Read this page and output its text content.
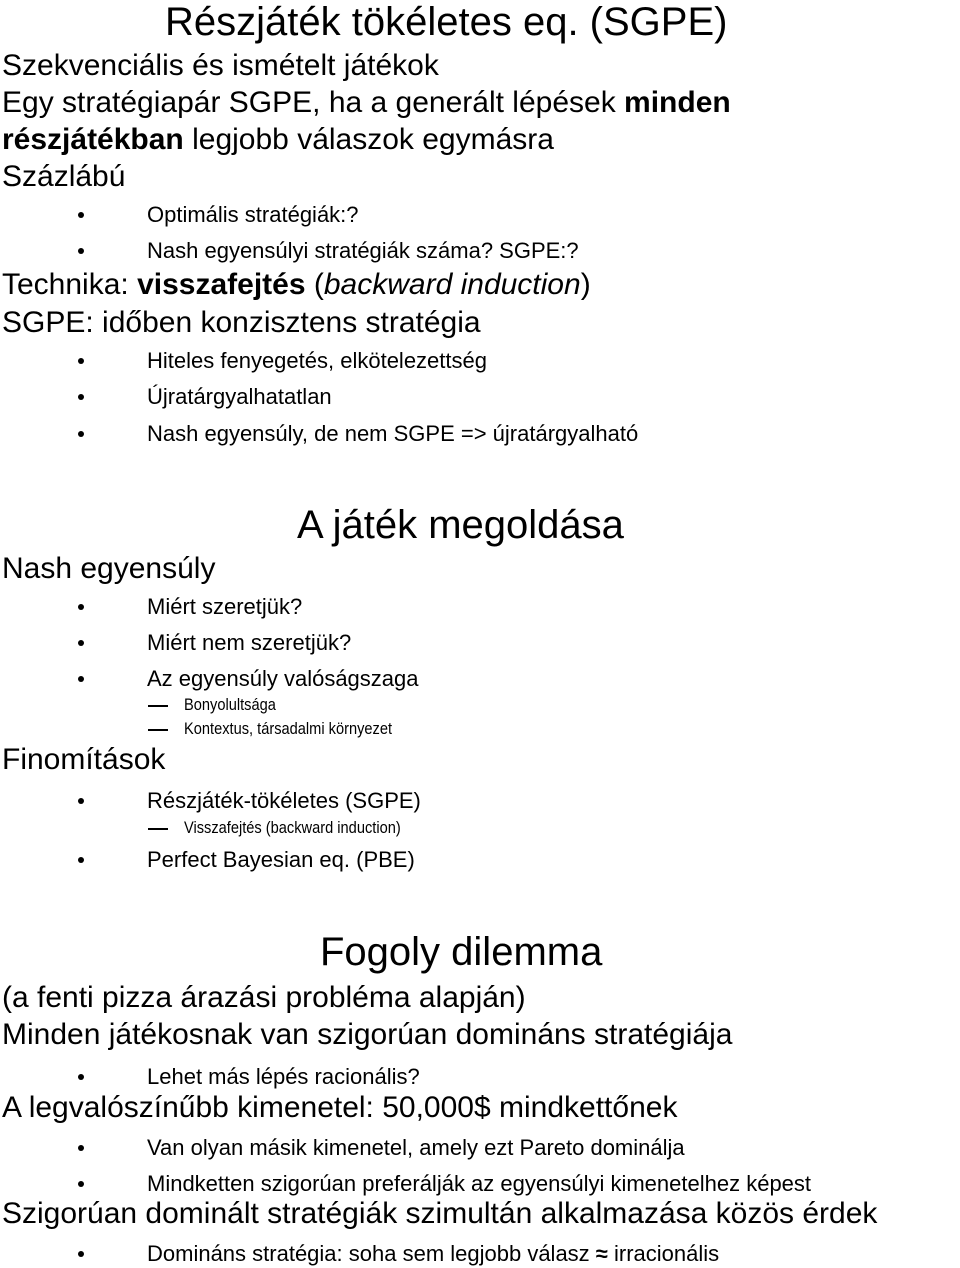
Részjáték tökéletes eq. (SGPE)
Szekvenciális és ismételt játékok
Egy stratégiapár SGPE, ha a generált lépések minden
részjátékban legjobb válaszok egymásra
Százlábú
Optimális stratégiák:?
Nash egyensúlyi stratégiák száma? SGPE:?
Technika: visszafejtés (backward induction)
SGPE: időben konzisztens stratégia
Hiteles fenyegetés, elkötelezettség
Újratárgyalhatatlan
Nash egyensúly, de nem SGPE => újratárgyalható
A játék megoldása
Nash egyensúly
Miért szeretjük?
Miért nem szeretjük?
Az egyensúly valóságszaga
Bonyolultsága
Kontextus, társadalmi környezet
Finomítások
Részjáték-tökéletes (SGPE)
Visszafejtés (backward induction)
Perfect Bayesian eq. (PBE)
Fogoly dilemma
(a fenti pizza árazási probléma alapján)
Minden játékosnak van szigorúan domináns stratégiája
Lehet más lépés racionális?
A legvalószínűbb kimenetel: 50,000$ mindkettőnek
Van olyan másik kimenetel, amely ezt Pareto dominálja
Mindketten szigorúan preferálják az egyensúlyi kimenetelhez képest
Szigorúan dominált stratégiák szimultán alkalmazása közös érdek
Domináns stratégia: soha sem legjobb válasz ≈ irracionális
